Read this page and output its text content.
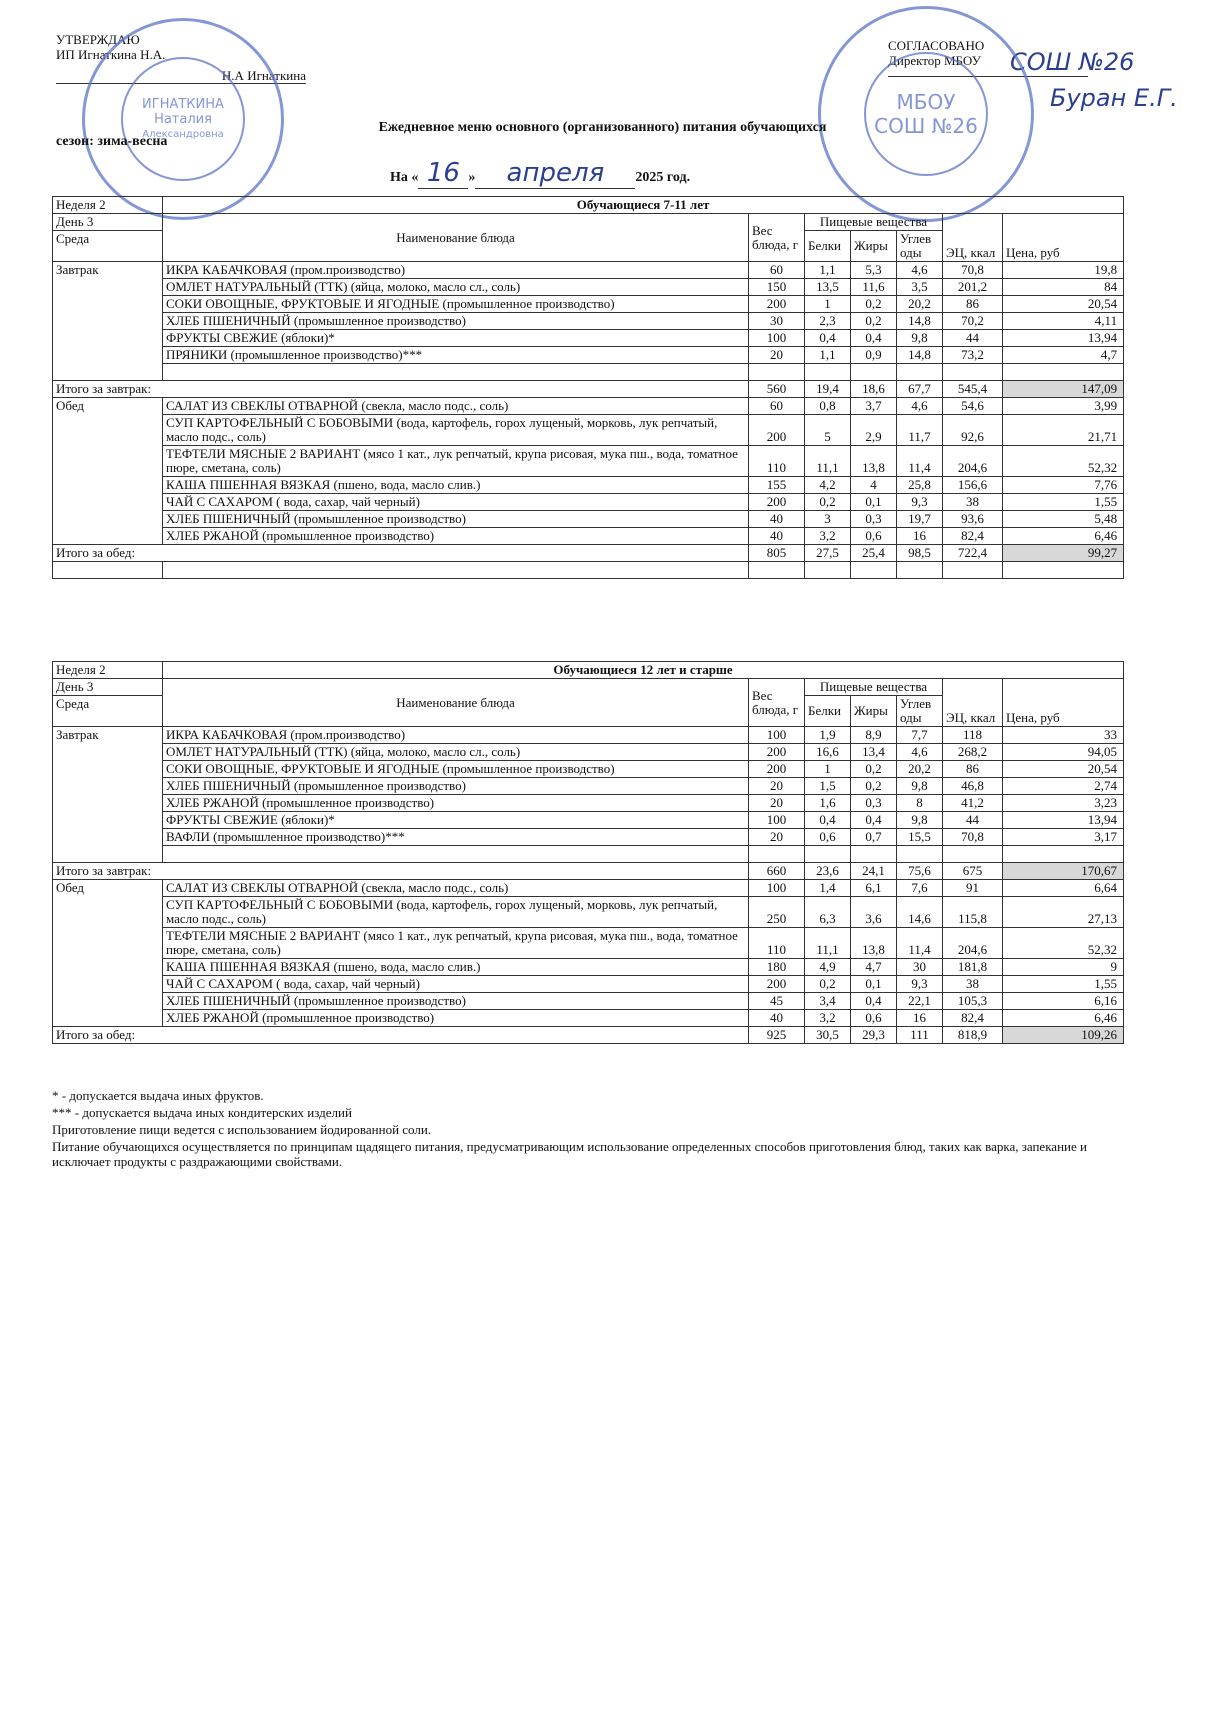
УТВЕРЖДАЮ
ИП Игнаткина Н.А.
Н.А Игнаткина
ИГНАТКИНА
Наталия
Александровна
СОГЛАСОВАНО
Директор МБОУ	СОШ №26
Буран Е.Г.
МБОУ
СОШ №26
Ежедневное меню основного (организованного) питания обучающихся
сезон: зима-весна
На « 16 » апреля 2025 год.
Неделя 2	Обучающиеся 7-11 лет						
День 3	Наименование блюда	Вес блюда, г	Пищевые вещества			ЭЦ, ккал	Цена, руб
Среда			Белки	Жиры	Углев оды		

Завтрак	ИКРА КАБАЧКОВАЯ (пром.производство)	60	1,1	5,3	4,6	70,8	19,8
	ОМЛЕТ НАТУРАЛЬНЫЙ (ТТК) (яйца, молоко, масло сл., соль)	150	13,5	11,6	3,5	201,2	84
	СОКИ ОВОЩНЫЕ, ФРУКТОВЫЕ И ЯГОДНЫЕ (промышленное производство)	200	1	0,2	20,2	86	20,54
	ХЛЕБ ПШЕНИЧНЫЙ (промышленное производство)	30	2,3	0,2	14,8	70,2	4,11
	ФРУКТЫ СВЕЖИЕ (яблоки)*	100	0,4	0,4	9,8	44	13,94
	ПРЯНИКИ (промышленное производство)***	20	1,1	0,9	14,8	73,2	4,7

Итого за завтрак:		560	19,4	18,6	67,7	545,4	147,09
Обед	САЛАТ ИЗ СВЕКЛЫ ОТВАРНОЙ (свекла, масло подс., соль)	60	0,8	3,7	4,6	54,6	3,99
	СУП КАРТОФЕЛЬНЫЙ С БОБОВЫМИ (вода, картофель, горох лущеный, морковь, лук репчатый, масло подс., соль)	200	5	2,9	11,7	92,6	21,71
	ТЕФТЕЛИ МЯСНЫЕ 2 ВАРИАНТ (мясо 1 кат., лук репчатый, крупа рисовая, мука пш., вода, томатное пюре, сметана, соль)	110	11,1	13,8	11,4	204,6	52,32
	КАША ПШЕННАЯ ВЯЗКАЯ (пшено, вода, масло слив.)	155	4,2	4	25,8	156,6	7,76
	ЧАЙ С САХАРОМ ( вода, сахар, чай черный)	200	0,2	0,1	9,3	38	1,55
	ХЛЕБ ПШЕНИЧНЫЙ (промышленное производство)	40	3	0,3	19,7	93,6	5,48
	ХЛЕБ РЖАНОЙ (промышленное производство)	40	3,2	0,6	16	82,4	6,46
Итого за обед:		805	27,5	25,4	98,5	722,4	99,27

Неделя 2	Обучающиеся 12 лет и старше						
День 3	Наименование блюда	Вес блюда, г	Пищевые вещества			ЭЦ, ккал	Цена, руб
Среда			Белки	Жиры	Углев оды		

Завтрак	ИКРА КАБАЧКОВАЯ (пром.производство)	100	1,9	8,9	7,7	118	33
	ОМЛЕТ НАТУРАЛЬНЫЙ (ТТК) (яйца, молоко, масло сл., соль)	200	16,6	13,4	4,6	268,2	94,05
	СОКИ ОВОЩНЫЕ, ФРУКТОВЫЕ И ЯГОДНЫЕ (промышленное производство)	200	1	0,2	20,2	86	20,54
	ХЛЕБ ПШЕНИЧНЫЙ (промышленное производство)	20	1,5	0,2	9,8	46,8	2,74
	ХЛЕБ РЖАНОЙ (промышленное производство)	20	1,6	0,3	8	41,2	3,23
	ФРУКТЫ СВЕЖИЕ (яблоки)*	100	0,4	0,4	9,8	44	13,94
	ВАФЛИ (промышленное производство)***	20	0,6	0,7	15,5	70,8	3,17

Итого за завтрак:		660	23,6	24,1	75,6	675	170,67
Обед	САЛАТ ИЗ СВЕКЛЫ ОТВАРНОЙ (свекла, масло подс., соль)	100	1,4	6,1	7,6	91	6,64
	СУП КАРТОФЕЛЬНЫЙ С БОБОВЫМИ (вода, картофель, горох лущеный, морковь, лук репчатый, масло подс., соль)	250	6,3	3,6	14,6	115,8	27,13
	ТЕФТЕЛИ МЯСНЫЕ 2 ВАРИАНТ (мясо 1 кат., лук репчатый, крупа рисовая, мука пш., вода, томатное пюре, сметана, соль)	110	11,1	13,8	11,4	204,6	52,32
	КАША ПШЕННАЯ ВЯЗКАЯ (пшено, вода, масло слив.)	180	4,9	4,7	30	181,8	9
	ЧАЙ С САХАРОМ ( вода, сахар, чай черный)	200	0,2	0,1	9,3	38	1,55
	ХЛЕБ ПШЕНИЧНЫЙ (промышленное производство)	45	3,4	0,4	22,1	105,3	6,16
	ХЛЕБ РЖАНОЙ (промышленное производство)	40	3,2	0,6	16	82,4	6,46
Итого за обед:		925	30,5	29,3	111	818,9	109,26
* - допускается выдача иных фруктов.
*** - допускается выдача иных кондитерских изделий
Приготовление пищи ведется с использованием йодированной соли.
Питание обучающихся осуществляется по принципам щадящего питания, предусматривающим использование определенных способов приготовления блюд, таких как варка, запекание и исключает продукты с раздражающими свойствами.
